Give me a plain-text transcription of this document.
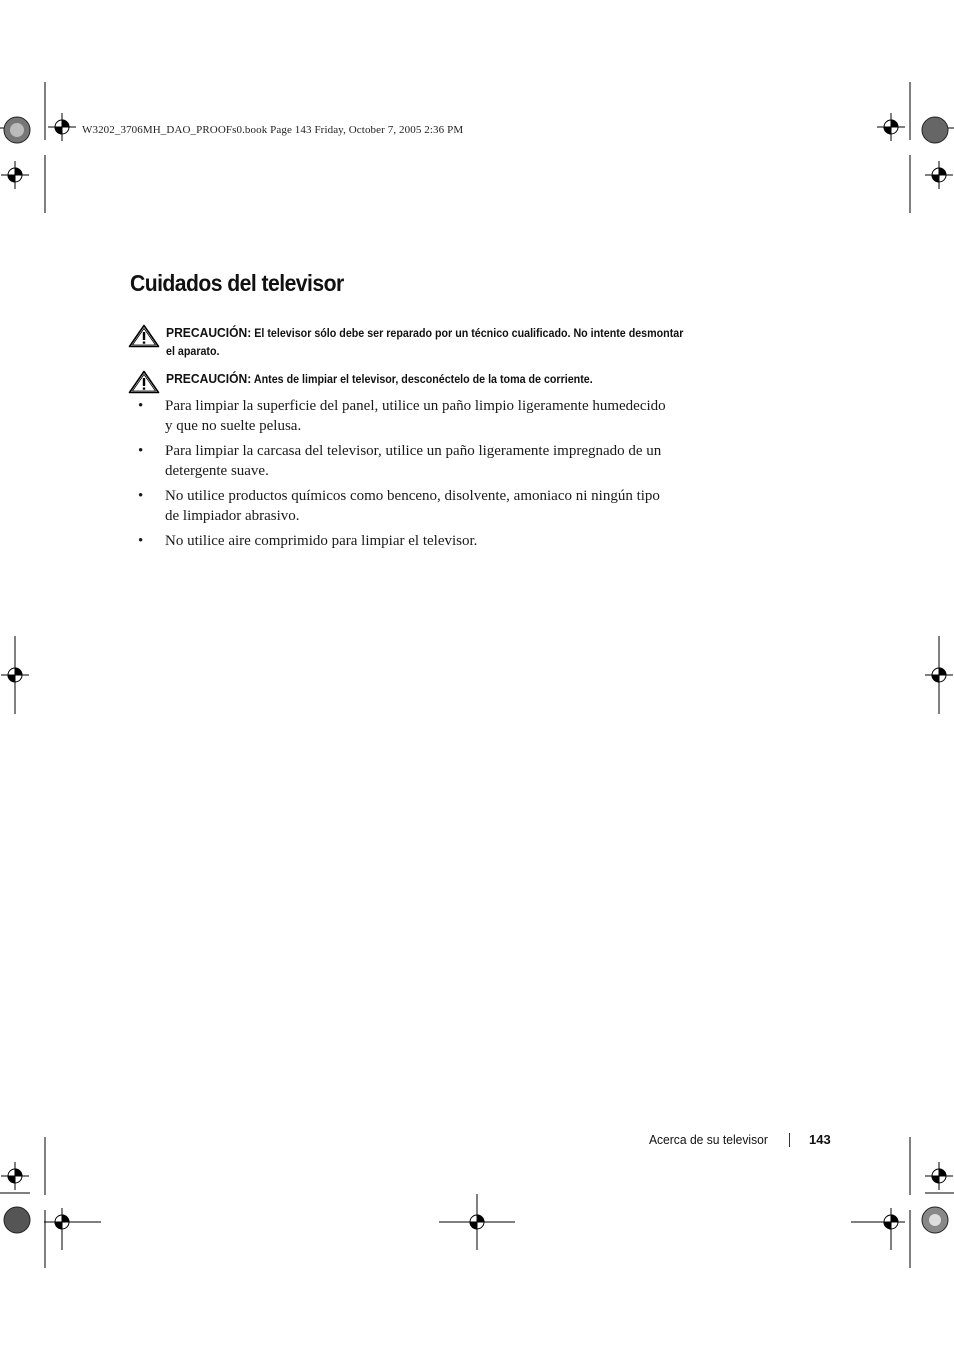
W3202_3706MH_DAO_PROOFs0.book Page 143 Friday, October 7, 2005 2:36 PM
Cuidados del televisor
PRECAUCIÓN: El televisor sólo debe ser reparado por un técnico cualificado. No intente desmontar
el aparato.
PRECAUCIÓN: Antes de limpiar el televisor, desconéctelo de la toma de corriente.
• Para limpiar la superficie del panel, utilice un paño limpio ligeramente humedecido
y que no suelte pelusa.
• Para limpiar la carcasa del televisor, utilice un paño ligeramente impregnado de un
detergente suave.
• No utilice productos químicos como benceno, disolvente, amoniaco ni ningún tipo
de limpiador abrasivo.
• No utilice aire comprimido para limpiar el televisor.
Acerca de su televisor	143
